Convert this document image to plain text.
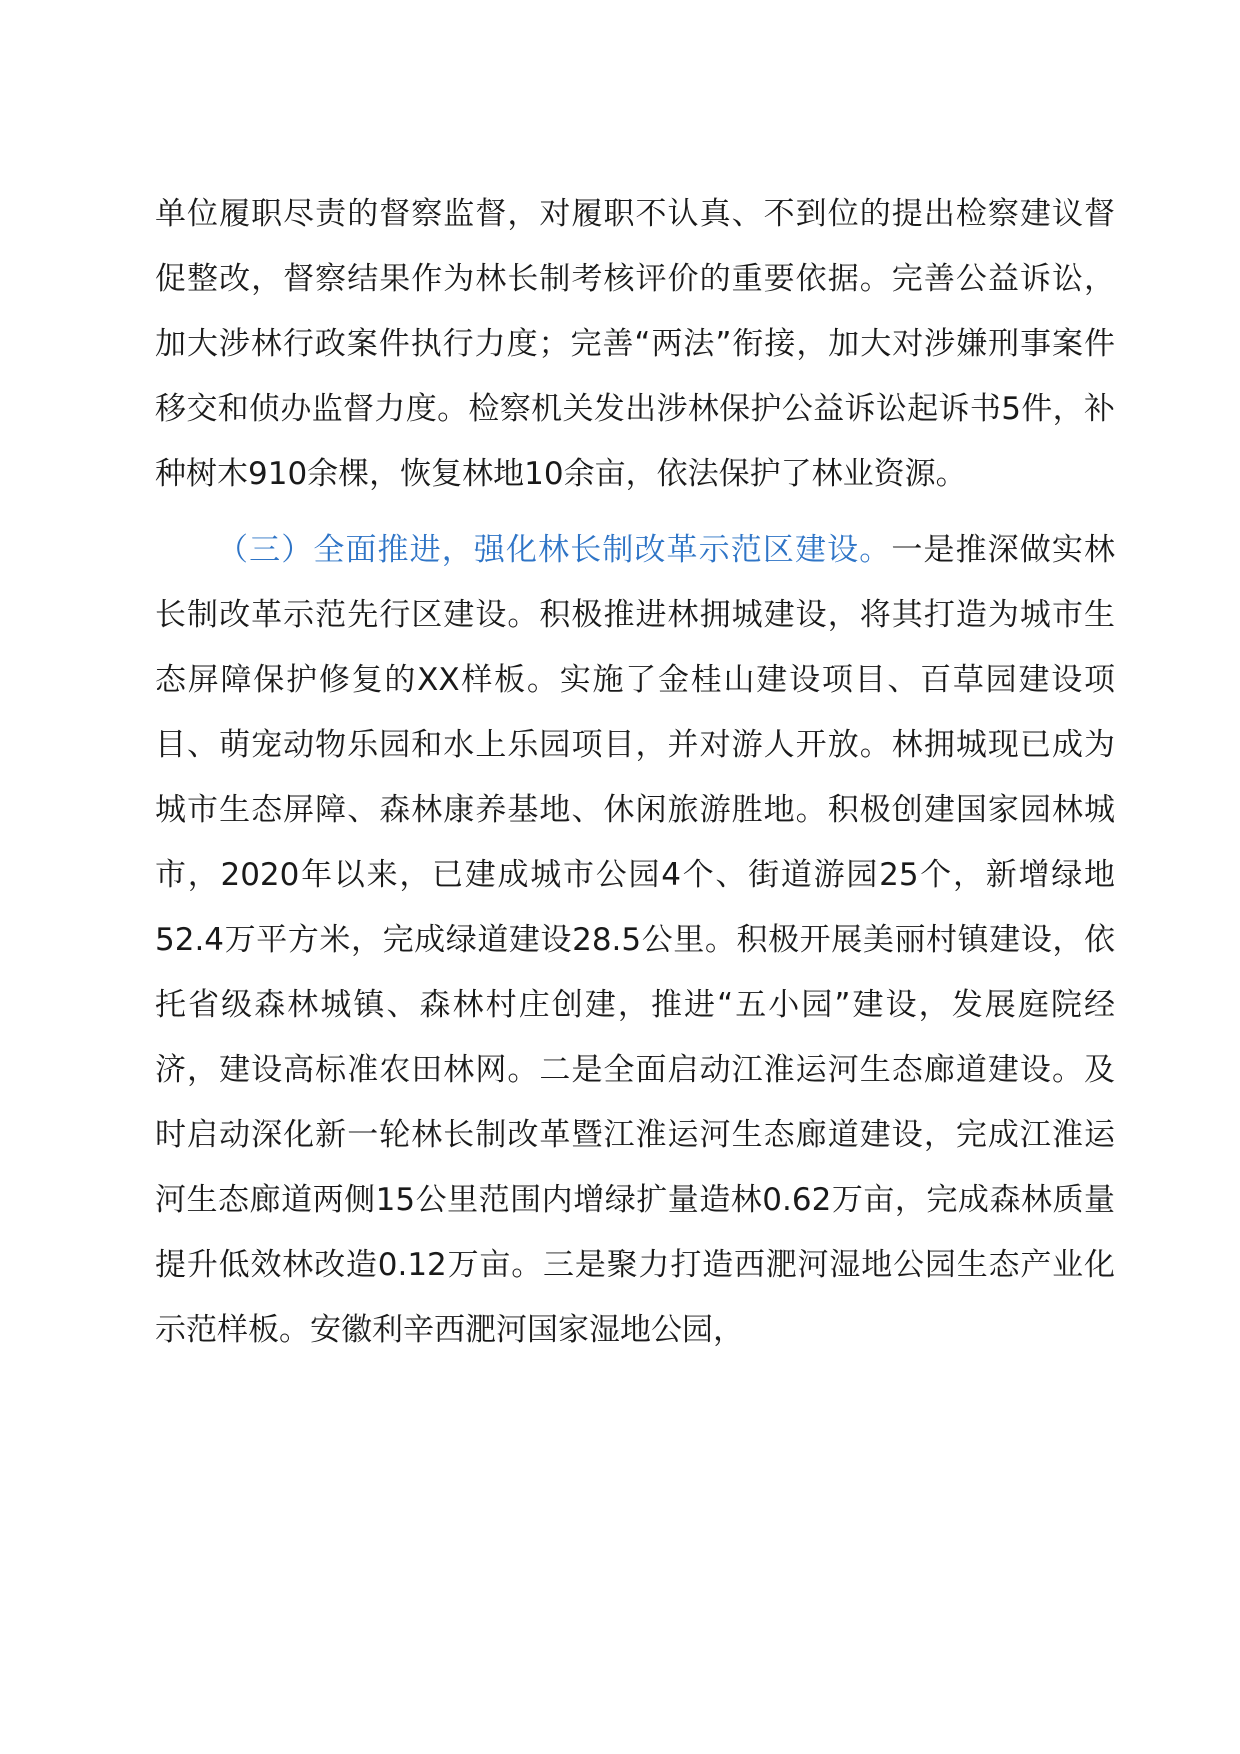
单位履职尽责的督察监督，对履职不认真、不到位的提出检察建议督促整改，督察结果作为林长制考核评价的重要依据。完善公益诉讼，加大涉林行政案件执行力度；完善“两法”衔接，加大对涉嫌刑事案件移交和侦办监督力度。检察机关发出涉林保护公益诉讼起诉书5件，补种树木910余棵，恢复林地10余亩，依法保护了林业资源。

（三）全面推进，强化林长制改革示范区建设。一是推深做实林长制改革示范先行区建设。积极推进林拥城建设，将其打造为城市生态屏障保护修复的XX样板。实施了金桂山建设项目、百草园建设项目、萌宠动物乐园和水上乐园项目，并对游人开放。林拥城现已成为城市生态屏障、森林康养基地、休闲旅游胜地。积极创建国家园林城市，2020年以来，已建成城市公园4个、街道游园25个，新增绿地52.4万平方米，完成绿道建设28.5公里。积极开展美丽村镇建设，依托省级森林城镇、森林村庄创建，推进“五小园”建设，发展庭院经济，建设高标准农田林网。二是全面启动江淮运河生态廊道建设。及时启动深化新一轮林长制改革暨江淮运河生态廊道建设，完成江淮运河生态廊道两侧15公里范围内增绿扩量造林0.62万亩，完成森林质量提升低效林改造0.12万亩。三是聚力打造西淝河湿地公园生态产业化示范样板。安徽利辛西淝河国家湿地公园，
